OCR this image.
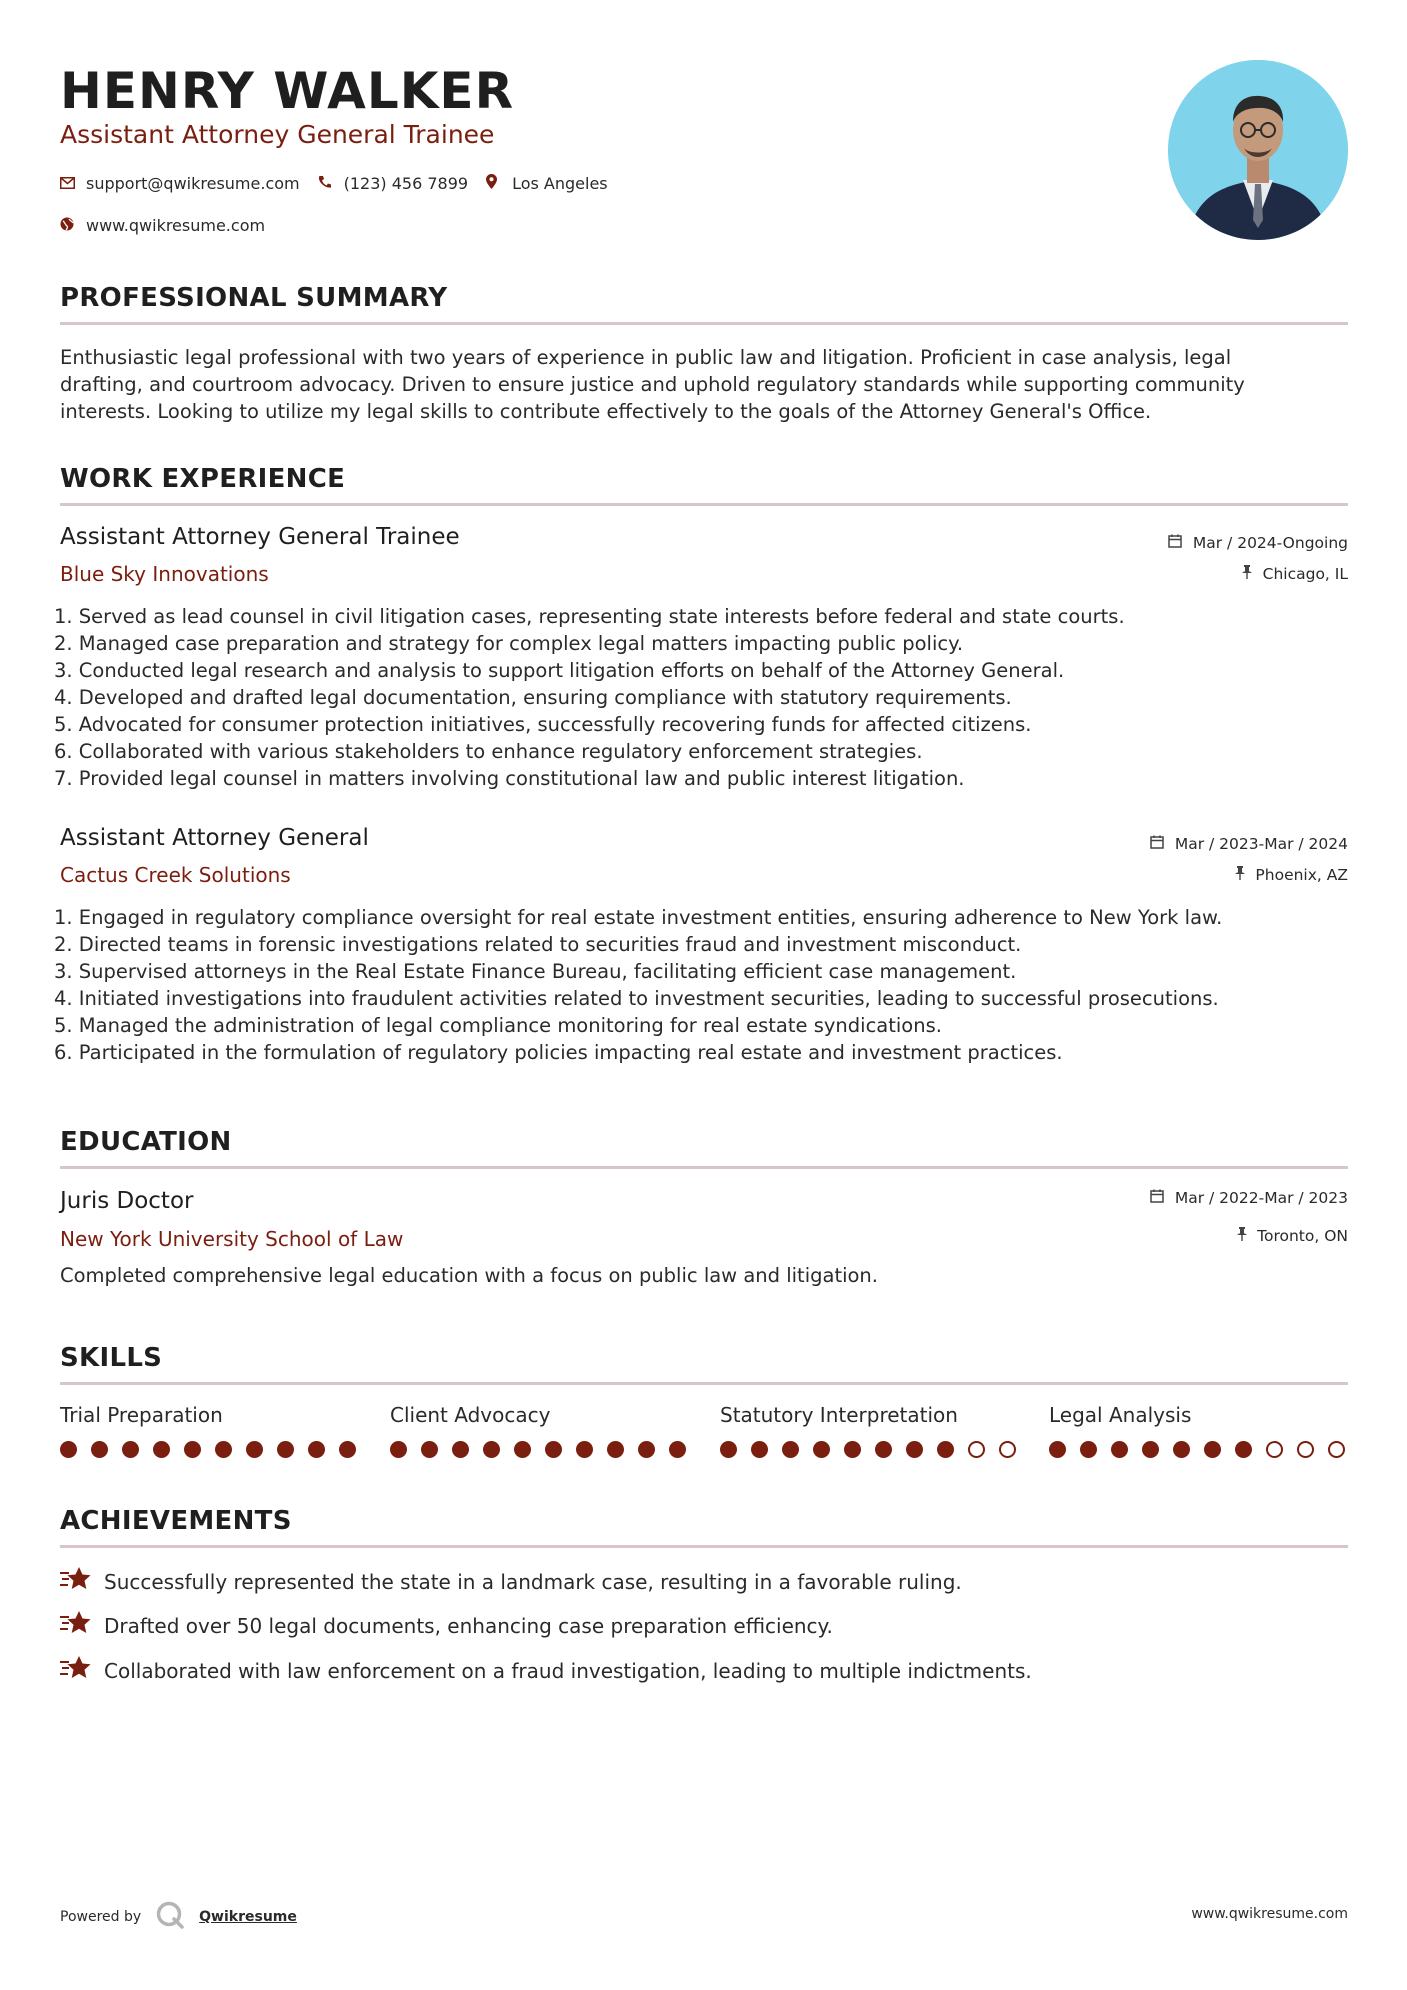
HENRY WALKER
Assistant Attorney General Trainee
support@qwikresume.com	(123) 456 7899	Los Angeles
www.qwikresume.com
PROFESSIONAL SUMMARY
Enthusiastic legal professional with two years of experience in public law and litigation. Proficient in case analysis, legal
drafting, and courtroom advocacy. Driven to ensure justice and uphold regulatory standards while supporting community
interests. Looking to utilize my legal skills to contribute effectively to the goals of the Attorney General's Office.
WORK EXPERIENCE
Assistant Attorney General Trainee	Mar / 2024-Ongoing
Blue Sky Innovations	Chicago, IL
1. Served as lead counsel in civil litigation cases, representing state interests before federal and state courts.
2. Managed case preparation and strategy for complex legal matters impacting public policy.
3. Conducted legal research and analysis to support litigation efforts on behalf of the Attorney General.
4. Developed and drafted legal documentation, ensuring compliance with statutory requirements.
5. Advocated for consumer protection initiatives, successfully recovering funds for affected citizens.
6. Collaborated with various stakeholders to enhance regulatory enforcement strategies.
7. Provided legal counsel in matters involving constitutional law and public interest litigation.
Assistant Attorney General	Mar / 2023-Mar / 2024
Cactus Creek Solutions	Phoenix, AZ
1. Engaged in regulatory compliance oversight for real estate investment entities, ensuring adherence to New York law.
2. Directed teams in forensic investigations related to securities fraud and investment misconduct.
3. Supervised attorneys in the Real Estate Finance Bureau, facilitating efficient case management.
4. Initiated investigations into fraudulent activities related to investment securities, leading to successful prosecutions.
5. Managed the administration of legal compliance monitoring for real estate syndications.
6. Participated in the formulation of regulatory policies impacting real estate and investment practices.
EDUCATION
Juris Doctor	Mar / 2022-Mar / 2023
New York University School of Law	Toronto, ON
Completed comprehensive legal education with a focus on public law and litigation.
SKILLS
Trial Preparation	Client Advocacy	Statutory Interpretation	Legal Analysis
ACHIEVEMENTS
Successfully represented the state in a landmark case, resulting in a favorable ruling.
Drafted over 50 legal documents, enhancing case preparation efficiency.
Collaborated with law enforcement on a fraud investigation, leading to multiple indictments.
Powered by	Qwikresume	www.qwikresume.com
